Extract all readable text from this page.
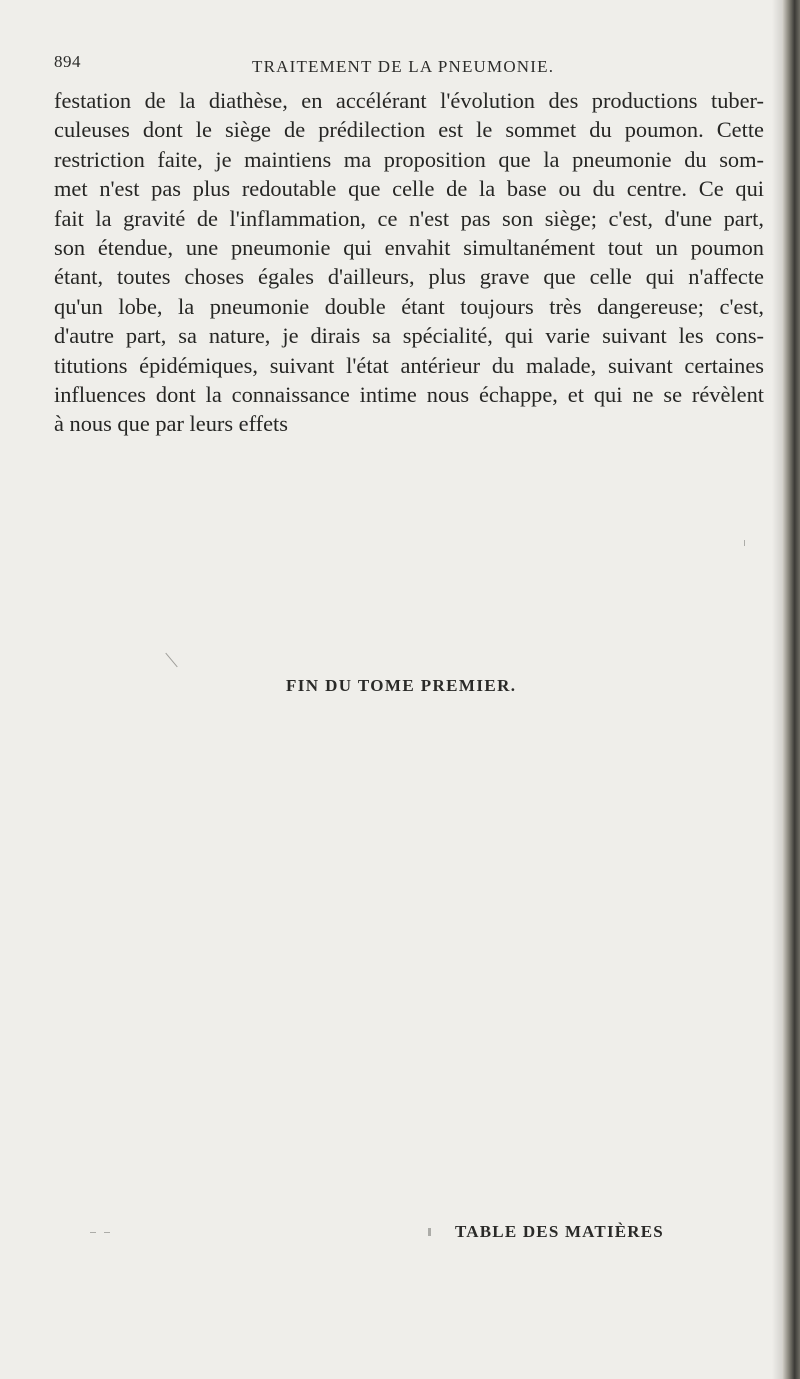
894	TRAITEMENT DE LA PNEUMONIE.
festation de la diathèse, en accélérant l'évolution des productions tuber-
culeuses dont le siège de prédilection est le sommet du poumon. Cette
restriction faite, je maintiens ma proposition que la pneumonie du som-
met n'est pas plus redoutable que celle de la base ou du centre. Ce qui
fait la gravité de l'inflammation, ce n'est pas son siège; c'est, d'une part,
son étendue, une pneumonie qui envahit simultanément tout un poumon
étant, toutes choses égales d'ailleurs, plus grave que celle qui n'affecte
qu'un lobe, la pneumonie double étant toujours très dangereuse; c'est,
d'autre part, sa nature, je dirais sa spécialité, qui varie suivant les cons-
titutions épidémiques, suivant l'état antérieur du malade, suivant certaines
influences dont la connaissance intime nous échappe, et qui ne se révèlent
à nous que par leurs effets
FIN DU TOME PREMIER.
TABLE DES MATIÈRES
